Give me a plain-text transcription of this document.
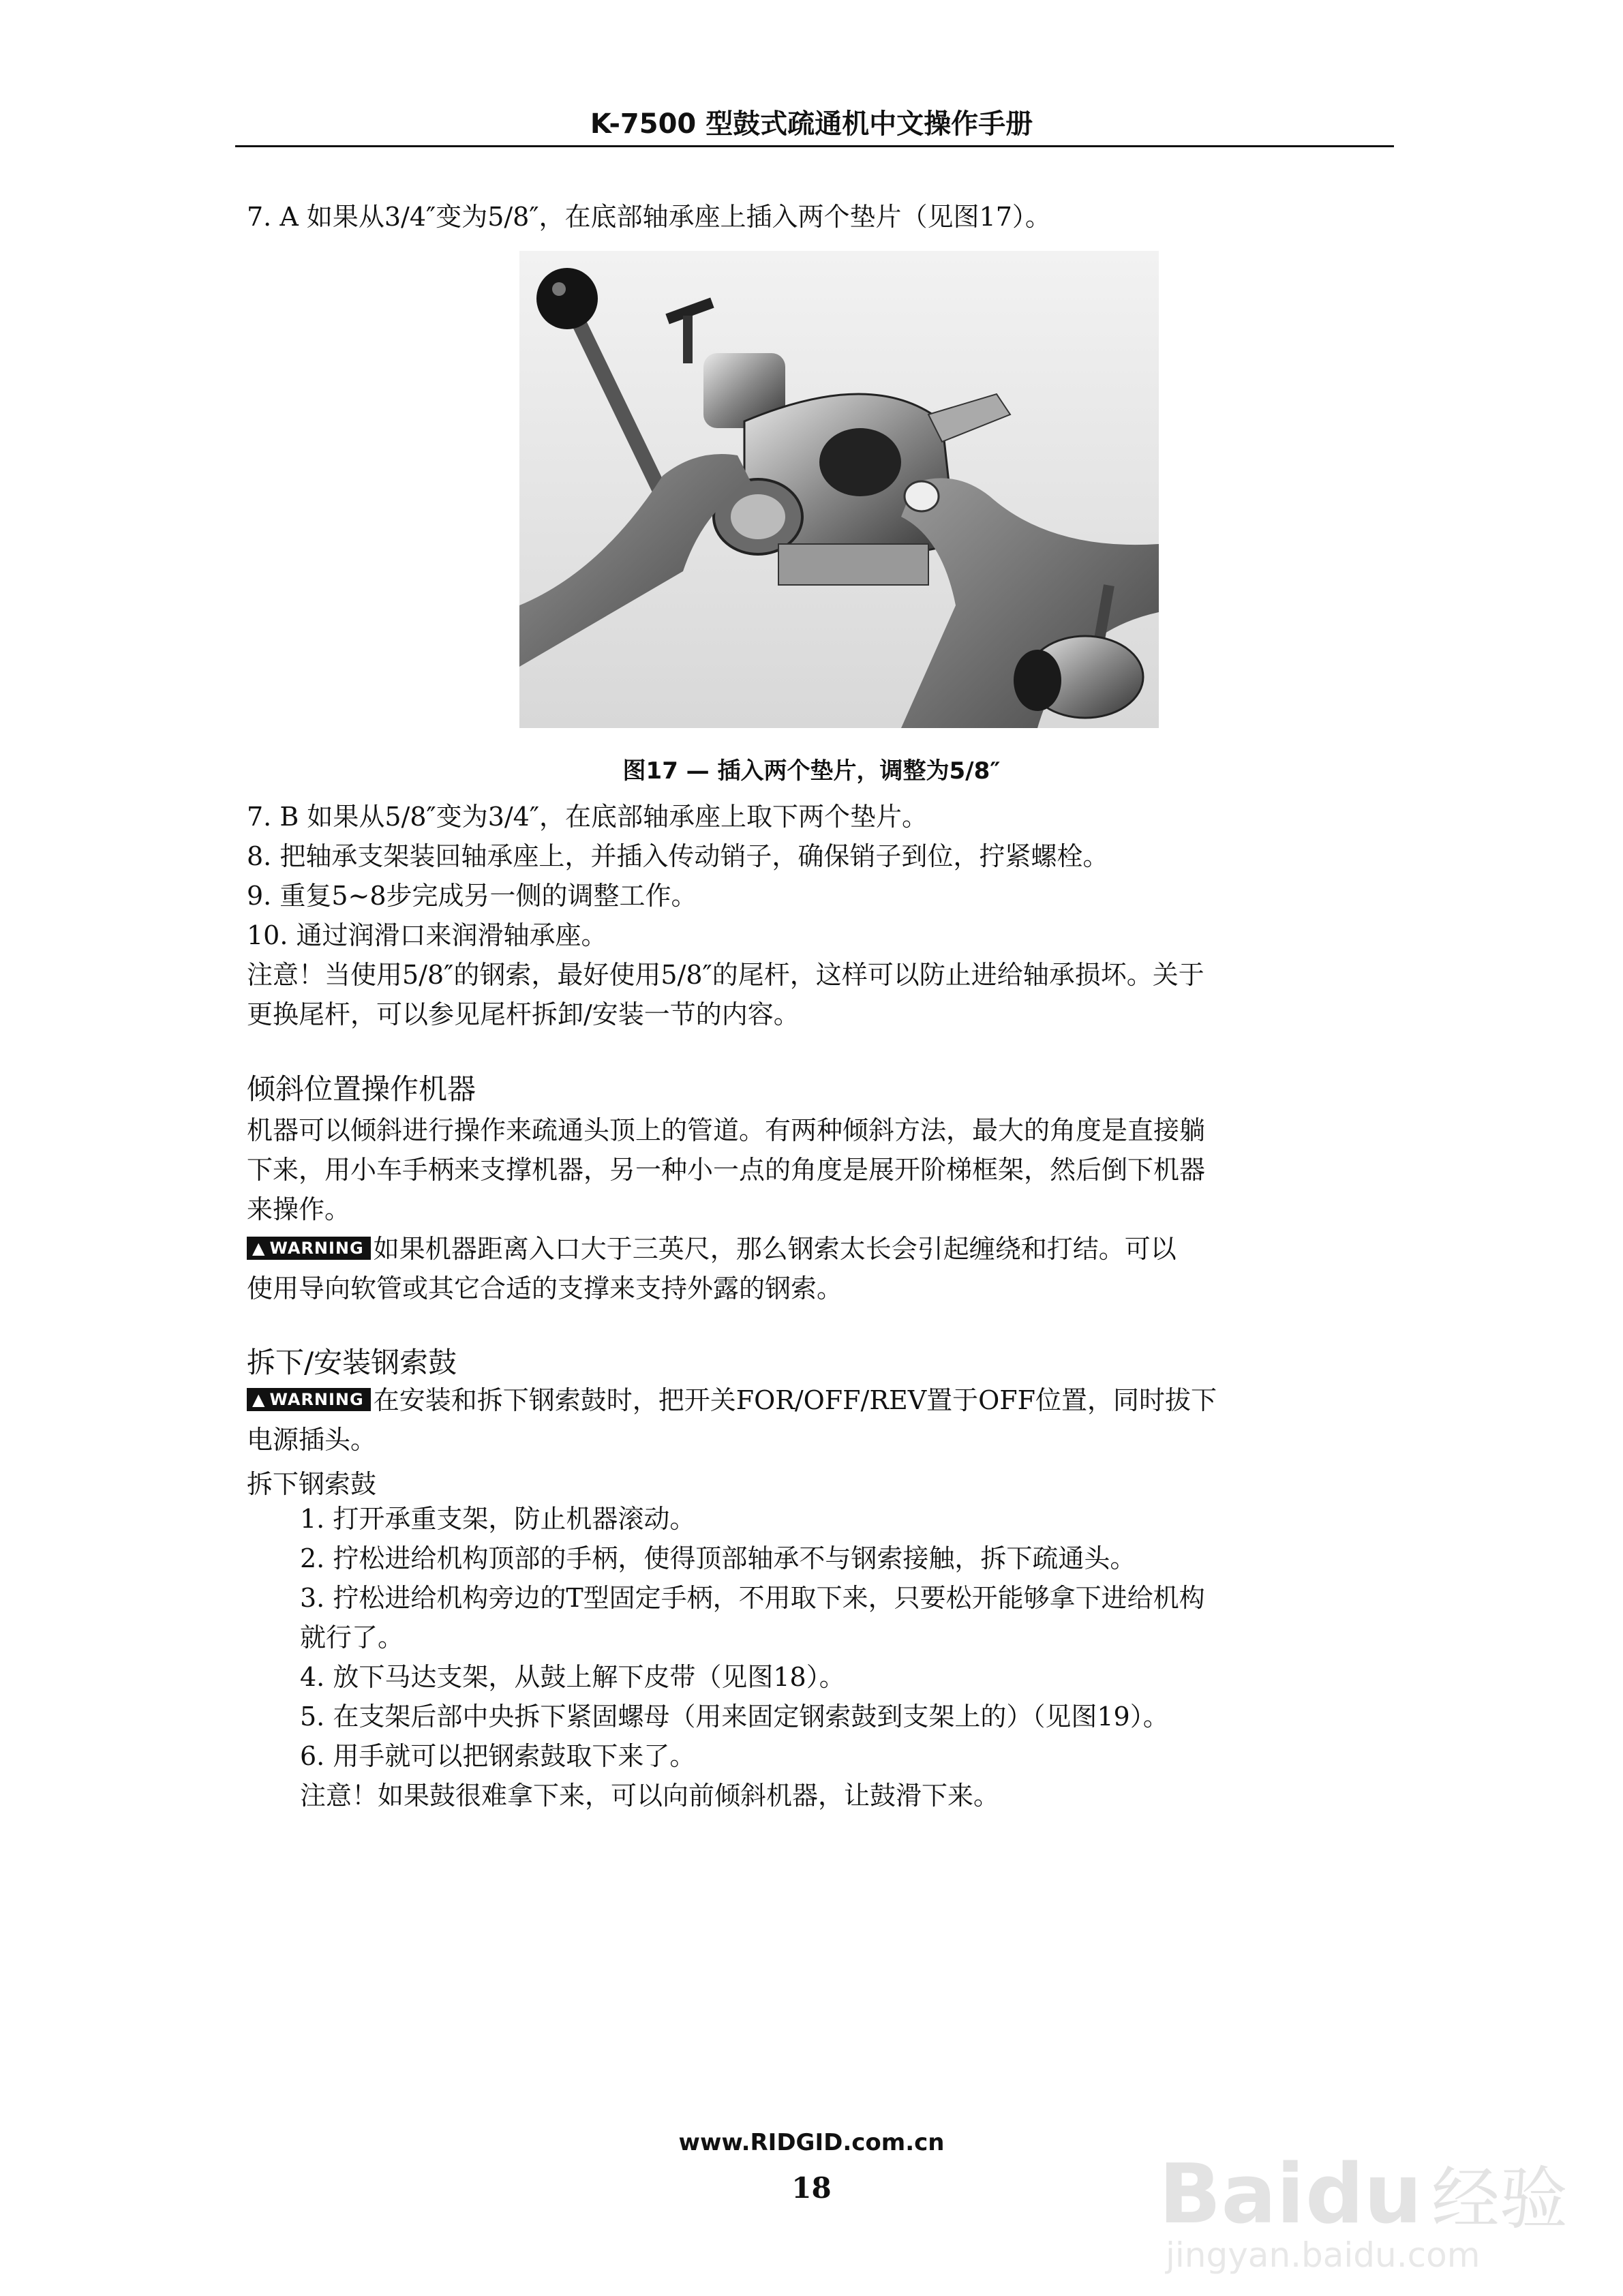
K-7500 型鼓式疏通机中文操作手册
7. A 如果从3/4″变为5/8″，在底部轴承座上插入两个垫片（见图17）。
图17 — 插入两个垫片，调整为5/8″
7. B 如果从5/8″变为3/4″，在底部轴承座上取下两个垫片。
8. 把轴承支架装回轴承座上，并插入传动销子，确保销子到位，拧紧螺栓。
9. 重复5~8步完成另一侧的调整工作。
10. 通过润滑口来润滑轴承座。
注意！当使用5/8″的钢索，最好使用5/8″的尾杆，这样可以防止进给轴承损坏。关于
更换尾杆，可以参见尾杆拆卸/安装一节的内容。
倾斜位置操作机器
机器可以倾斜进行操作来疏通头顶上的管道。有两种倾斜方法，最大的角度是直接躺
下来，用小车手柄来支撑机器，另一种小一点的角度是展开阶梯框架，然后倒下机器
来操作。
▲ WARNING 如果机器距离入口大于三英尺，那么钢索太长会引起缠绕和打结。可以
使用导向软管或其它合适的支撑来支持外露的钢索。
拆下/安装钢索鼓
▲ WARNING 在安装和拆下钢索鼓时，把开关FOR/OFF/REV置于OFF位置，同时拔下
电源插头。
拆下钢索鼓
1. 打开承重支架，防止机器滚动。
2. 拧松进给机构顶部的手柄，使得顶部轴承不与钢索接触，拆下疏通头。
3. 拧松进给机构旁边的T型固定手柄，不用取下来，只要松开能够拿下进给机构
就行了。
4. 放下马达支架，从鼓上解下皮带（见图18）。
5. 在支架后部中央拆下紧固螺母（用来固定钢索鼓到支架上的）（见图19）。
6. 用手就可以把钢索鼓取下来了。
注意！如果鼓很难拿下来，可以向前倾斜机器，让鼓滑下来。
www.RIDGID.com.cn
18	Bai du 经验
jingyan.baidu.com
